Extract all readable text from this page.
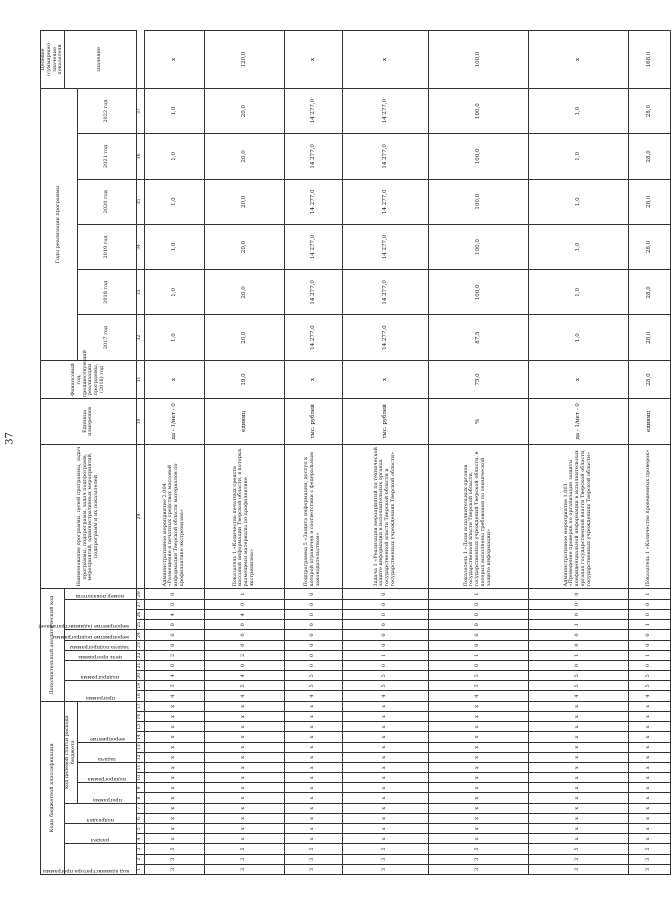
37
Коды бюджетной классификации																	Дополнительный аналитический код											Наименование программы, целей программы, задач программы, подпрограмм, задач подпрограмм, мероприятий, административных мероприятий, подпрограмм и их показателей	Единица измерения	Финансовый год, предшествующий реализации программы, (2016) год	Годы реализации программы						Целевое (суммарное) значение показателя

код администратора программы			раздел		подраздел		код целевой статьи расхода бюджета										программа		подпрограмма		цель программы	задача подпрограммы	мероприятие подпрограммы	мероприятие (административное)			номер показателя										значение

							программа		подпрограмма		задача		мероприятие																		2017 год	2018 год	2019 год	2020 год	2021 год	2022 год	
1	2	3	4	5	6	7	8	9	10	11	12	13	14	15	16	17	18	19	20	21	22	23	24	25	26	27	28	29	30	31	32	33	34	35	36	37	
3	3	5	x	x	x	x	x	x	x	x	x	x	x	x	x	x	4	5	4	0	2	0	0	0	4	0	0	Административное мероприятие 2.004 «Размещение в печатных средствах массовой информации Тверской области материалов по профилактике экстремизма»	да - 1/нет - 0	x	1,0	1,0	1,0	1,0	1,0	1,0	x
3	3	5	x	x	x	x	x	x	x	x	x	x	x	x	x	x	4	5	4	0	2	0	0	0	4	0	1	Показатель 1 «Количество печатных средств массовой информации Тверской области, в которых размещены материалы по профилактике экстремизма»	единиц	19,0	20,0	20,0	20,0	20,0	20,0	20,0	120,0
3	3	5	x	x	x	x	x	x	x	x	x	x	x	x	x	x	4	5	5	0	0	0	0	0	0	0	0	Подпрограмма 5 «Защита информации, доступ к которой ограничен в соответствии с федеральным законодательством»	тыс. рублей	x	14 277,0	14 277,0	14 277,0	14 277,0	14 277,0	14 277,0	x
3	3	5	x	x	x	x	x	x	x	x	x	x	x	x	x	x	4	5	5	0	1	0	0	0	0	0	0	Задача 1 «Реализация мероприятий по технической защите информации в исполнительных органах государственной власти Тверской области и государственных учреждениях Тверской области»	тыс. рублей	x	14 277,0	14 277,0	14 277,0	14 277,0	14 277,0	14 277,0	x
3	3	5	x	x	x	x	x	x	x	x	x	x	x	x	x	x	4	5	5	0	1	0	0	0	0	0	1	Показатель 1 «Доля исполнительных органов государственной власти Тверской области, государственных учреждений Тверской области, в которых выполнены требования по технической защите информации»	%	75,0	87,5	100,0	100,0	100,0	100,0	100,0	100,0
3	3	5	x	x	x	x	x	x	x	x	x	x	x	x	x	x	4	5	5	0	1	0	0	1	0	0	0	Административное мероприятие 1.001 «Проведение проверок по организации защиты конфиденциальной информации в исполнительных органах государственной власти Тверской области, государственных учреждениях Тверской области»	да - 1/нет - 0	x	1,0	1,0	1,0	1,0	1,0	1,0	x
3	3	5	x	x	x	x	x	x	x	x	x	x	x	x	x	x	4	5	5	0	1	0	0	1	0	0	1	Показатель 1 «Количество проведенных проверок»	единиц	28,0	28,0	28,0	28,0	28,0	28,0	28,0	168,0
